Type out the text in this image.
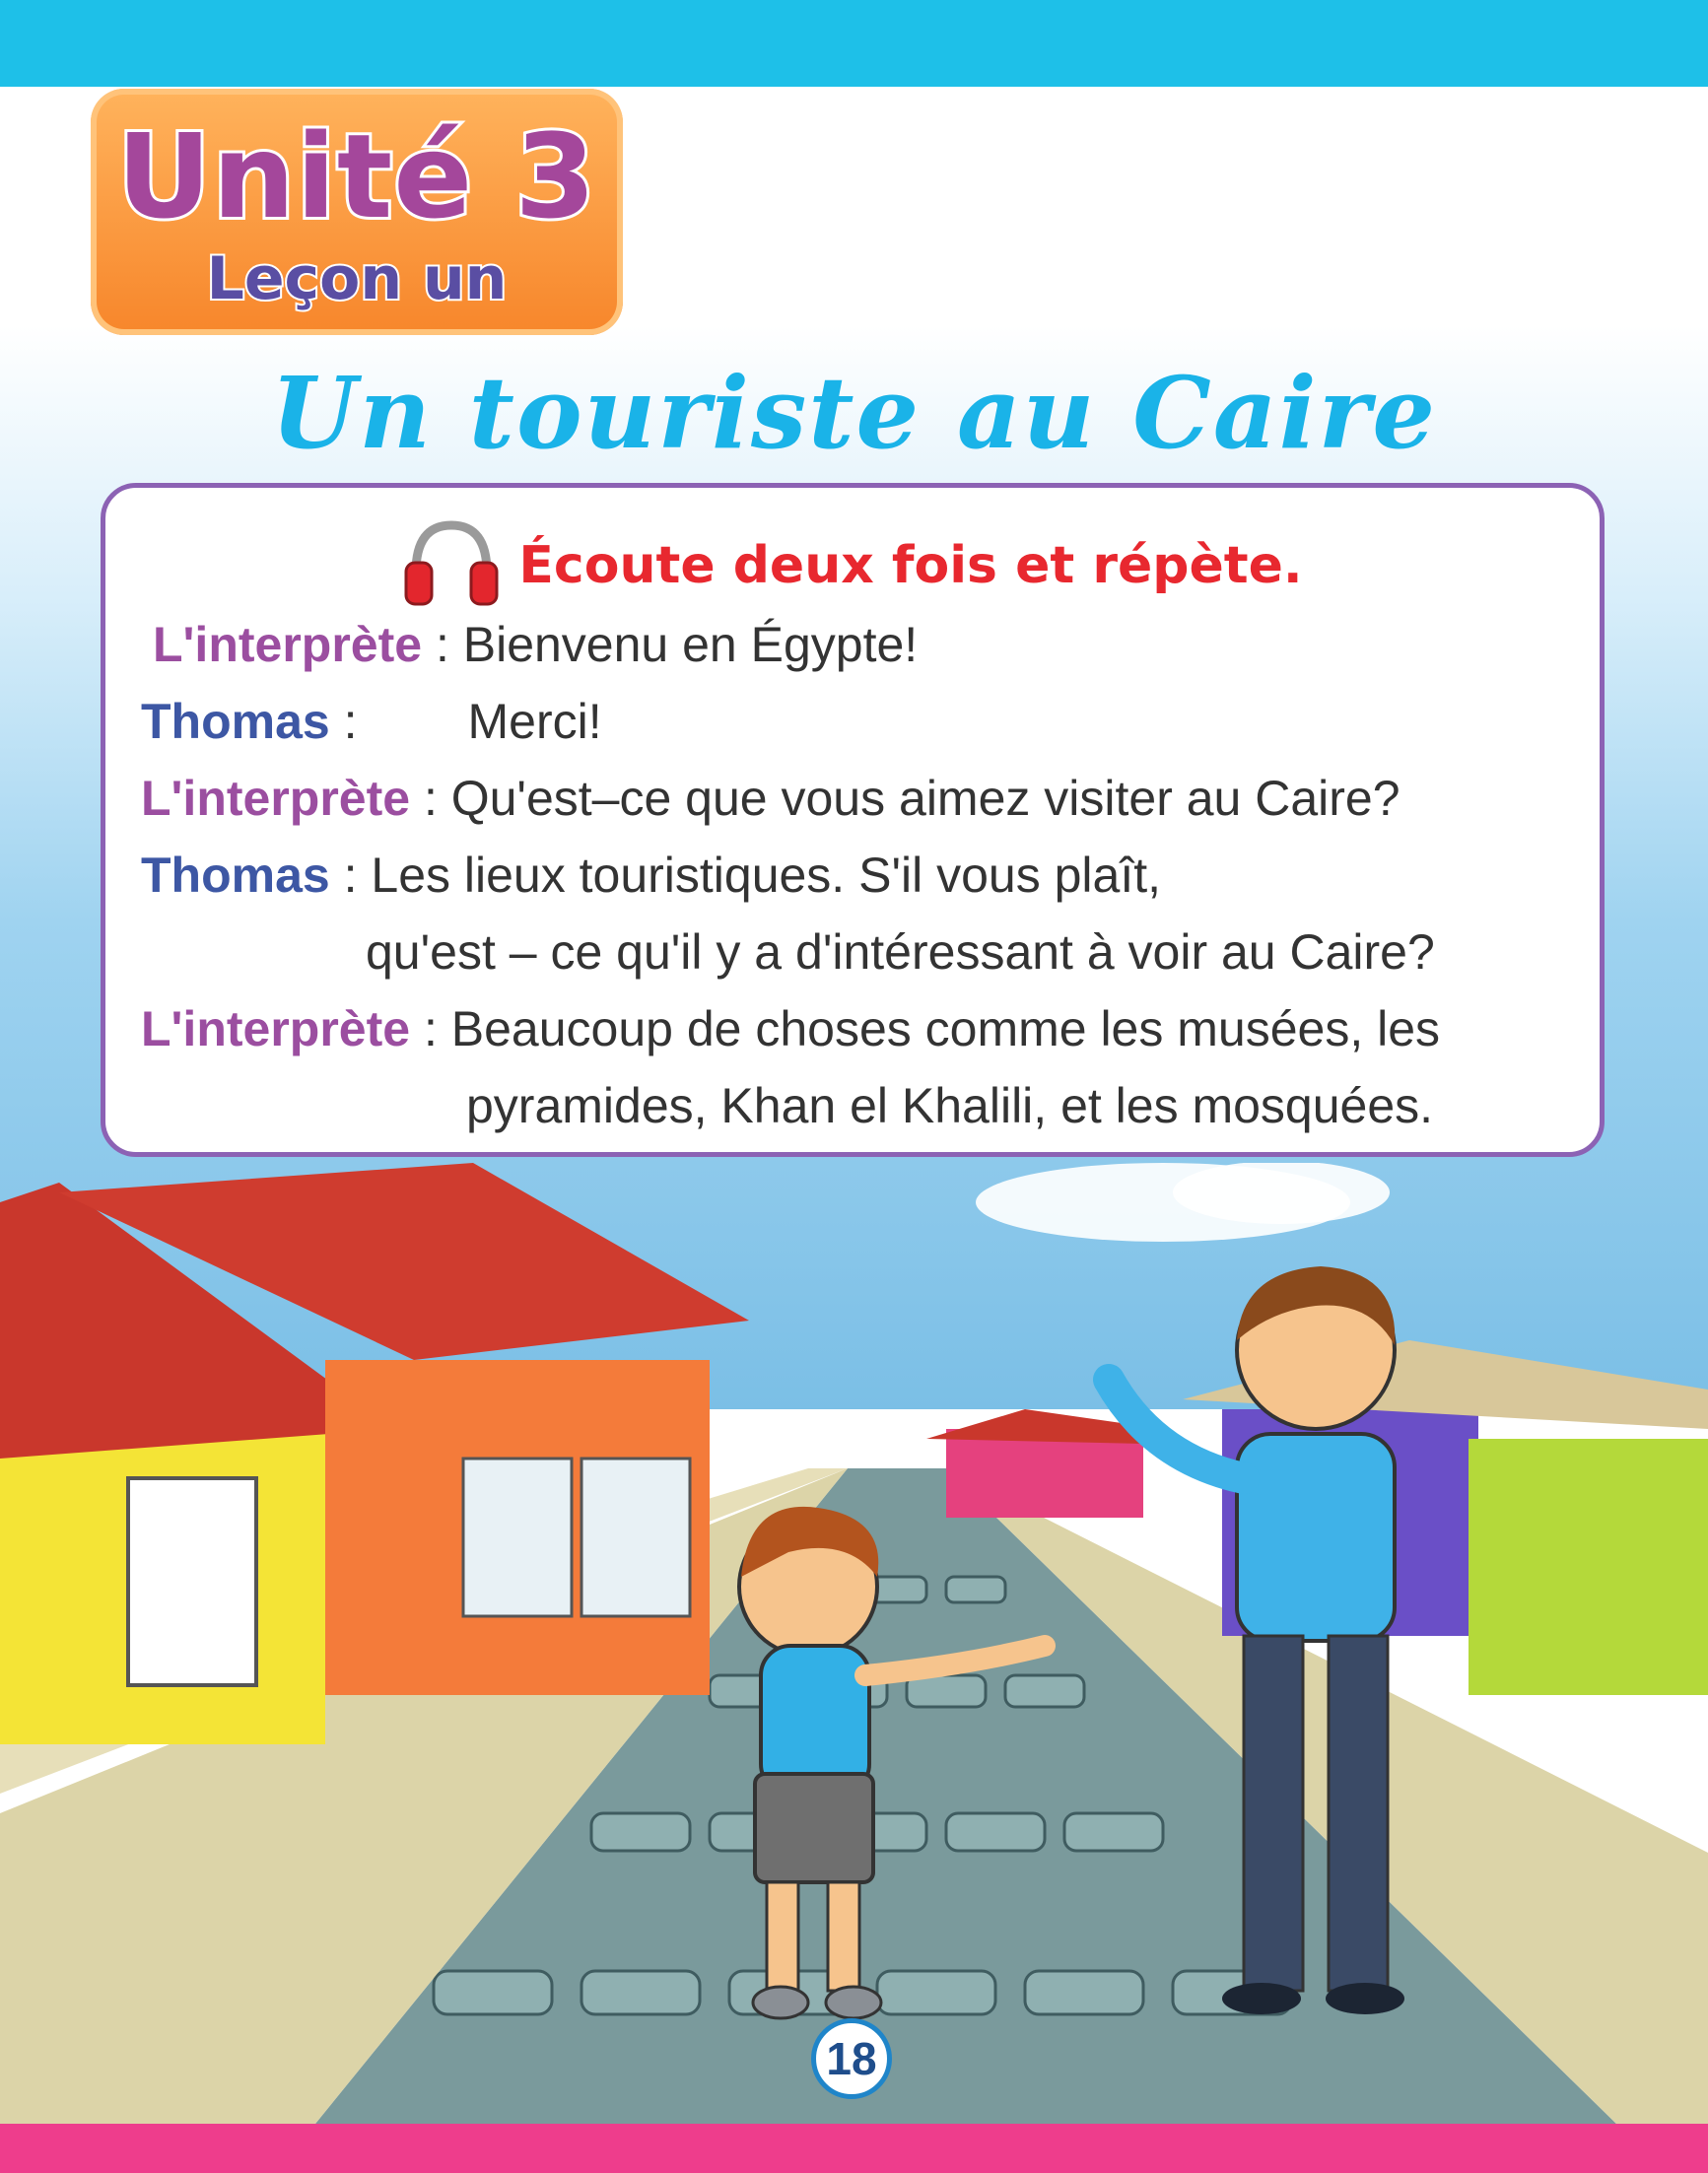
Unité 3
Leçon un
Un touriste au Caire
Écoute deux fois et répète.
L'interprète : Bienvenu en Égypte!
Thomas : Merci!
L'interprète : Qu'est–ce que vous aimez visiter au Caire?
Thomas : Les lieux touristiques. S'il vous plaît,
qu'est – ce qu'il y a d'intéressant à voir au Caire?
L'interprète : Beaucoup de choses comme les musées, les
pyramides, Khan el Khalili, et les mosquées.
18
